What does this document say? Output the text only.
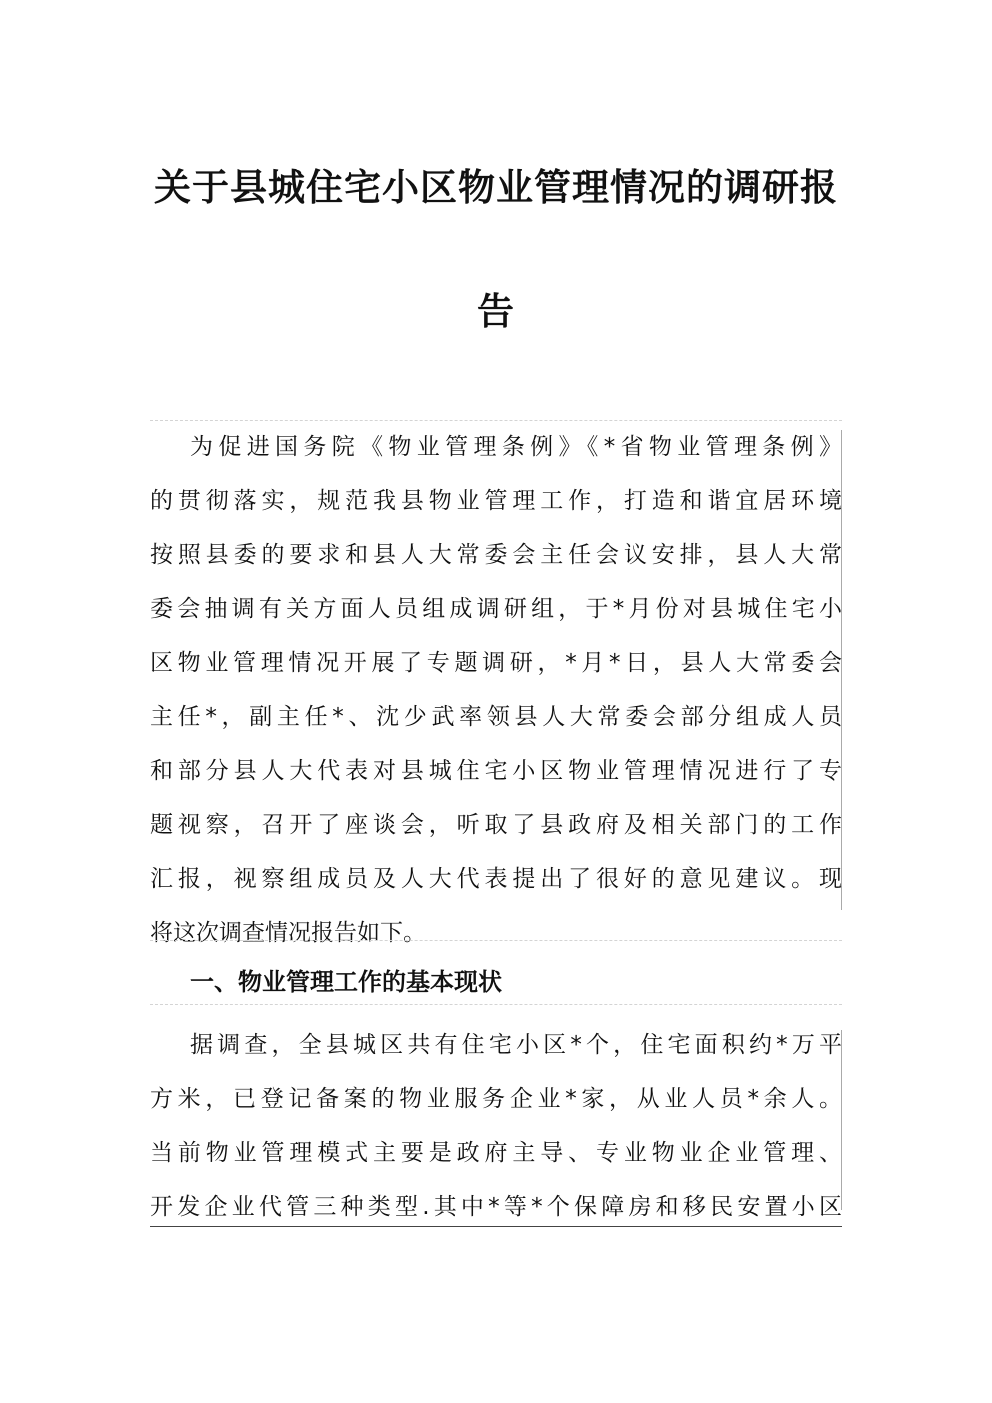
关于县城住宅小区物业管理情况的调研报
告
为促进国务院《物业管理条例》《*省物业管理条例》
的贯彻落实，规范我县物业管理工作，打造和谐宜居环境
按照县委的要求和县人大常委会主任会议安排，县人大常
委会抽调有关方面人员组成调研组，于*月份对县城住宅小
区物业管理情况开展了专题调研，*月*日，县人大常委会
主任*，副主任*、沈少武率领县人大常委会部分组成人员
和部分县人大代表对县城住宅小区物业管理情况进行了专
题视察，召开了座谈会，听取了县政府及相关部门的工作
汇报，视察组成员及人大代表提出了很好的意见建议。现
将这次调查情况报告如下。
一、物业管理工作的基本现状
据调查，全县城区共有住宅小区*个，住宅面积约*万平
方米，已登记备案的物业服务企业*家，从业人员*余人。
当前物业管理模式主要是政府主导、专业物业企业管理、
开发企业代管三种类型.其中*等*个保障房和移民安置小区
